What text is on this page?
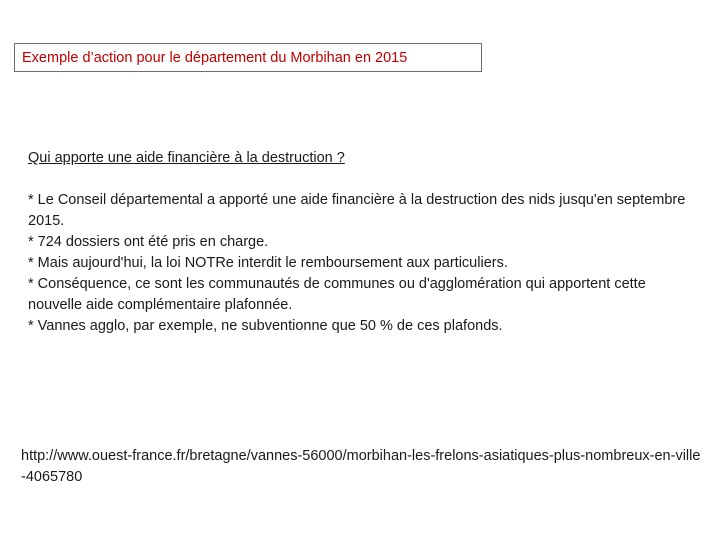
Exemple d’action pour le département du Morbihan en 2015
Qui apporte une aide financière à la destruction ?

* Le Conseil départemental a apporté une aide financière à la destruction des nids jusqu'en septembre 2015.

* 724 dossiers ont été pris en charge.

* Mais aujourd'hui, la loi NOTRe interdit le remboursement aux particuliers.

* Conséquence, ce sont les communautés de communes ou d'agglomération qui apportent cette nouvelle aide complémentaire plafonnée.

* Vannes agglo, par exemple, ne subventionne que 50 % de ces plafonds.

http://www.ouest-france.fr/bretagne/vannes-56000/morbihan-les-frelons-asiatiques-plus-nombreux-en-ville-4065780
